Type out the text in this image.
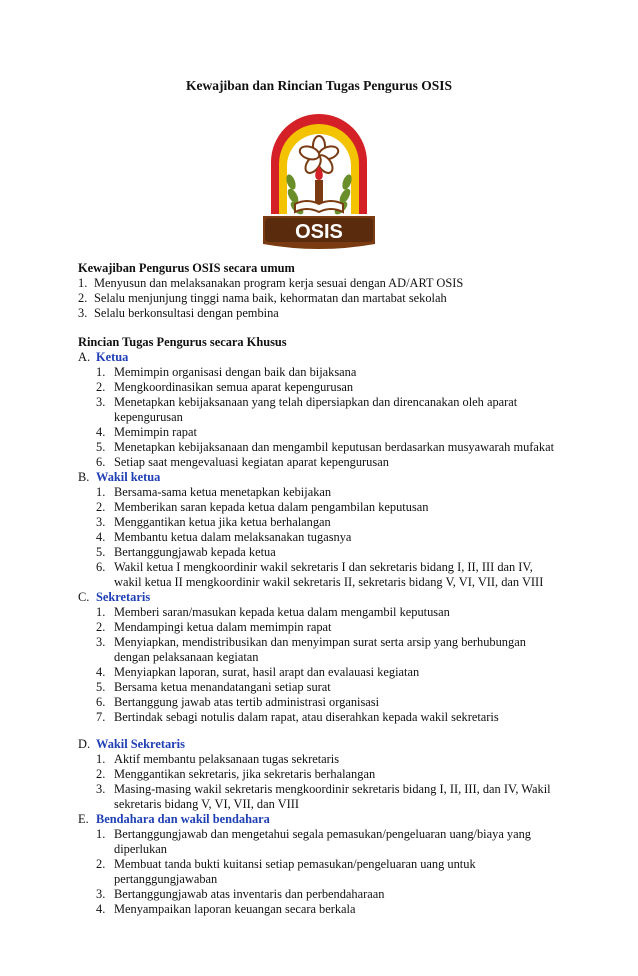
Kewajiban dan Rincian Tugas Pengurus OSIS
OSIS
Kewajiban Pengurus OSIS secara umum
1. Menyusun dan melaksanakan program kerja sesuai dengan AD/ART OSIS
2. Selalu menjunjung tinggi nama baik, kehormatan dan martabat sekolah
3. Selalu berkonsultasi dengan pembina
Rincian Tugas Pengurus secara Khusus
A. Ketua
1. Memimpin organisasi dengan baik dan bijaksana
2. Mengkoordinasikan semua aparat kepengurusan
3. Menetapkan kebijaksanaan yang telah dipersiapkan dan direncanakan oleh aparat
kepengurusan
4. Memimpin rapat
5. Menetapkan kebijaksanaan dan mengambil keputusan berdasarkan musyawarah mufakat
6. Setiap saat mengevaluasi kegiatan aparat kepengurusan
B. Wakil ketua
1. Bersama-sama ketua menetapkan kebijakan
2. Memberikan saran kepada ketua dalam pengambilan keputusan
3. Menggantikan ketua jika ketua berhalangan
4. Membantu ketua dalam melaksanakan tugasnya
5. Bertanggungjawab kepada ketua
6. Wakil ketua I mengkoordinir wakil sekretaris I dan sekretaris bidang I, II, III dan IV,
wakil ketua II mengkoordinir wakil sekretaris II, sekretaris bidang V, VI, VII, dan VIII
C. Sekretaris
1. Memberi saran/masukan kepada ketua dalam mengambil keputusan
2. Mendampingi ketua dalam memimpin rapat
3. Menyiapkan, mendistribusikan dan menyimpan surat serta arsip yang berhubungan
dengan pelaksanaan kegiatan
4. Menyiapkan laporan, surat, hasil arapt dan evalauasi kegiatan
5. Bersama ketua menandatangani setiap surat
6. Bertanggung jawab atas tertib administrasi organisasi
7. Bertindak sebagi notulis dalam rapat, atau diserahkan kepada wakil sekretaris
D. Wakil Sekretaris
1. Aktif membantu pelaksanaan tugas sekretaris
2. Menggantikan sekretaris, jika sekretaris berhalangan
3. Masing-masing wakil sekretaris mengkoordinir sekretaris bidang I, II, III, dan IV, Wakil
sekretaris bidang V, VI, VII, dan VIII
E. Bendahara dan wakil bendahara
1. Bertanggungjawab dan mengetahui segala pemasukan/pengeluaran uang/biaya yang
diperlukan
2. Membuat tanda bukti kuitansi setiap pemasukan/pengeluaran uang untuk
pertanggungjawaban
3. Bertanggungjawab atas inventaris dan perbendaharaan
4. Menyampaikan laporan keuangan secara berkala
